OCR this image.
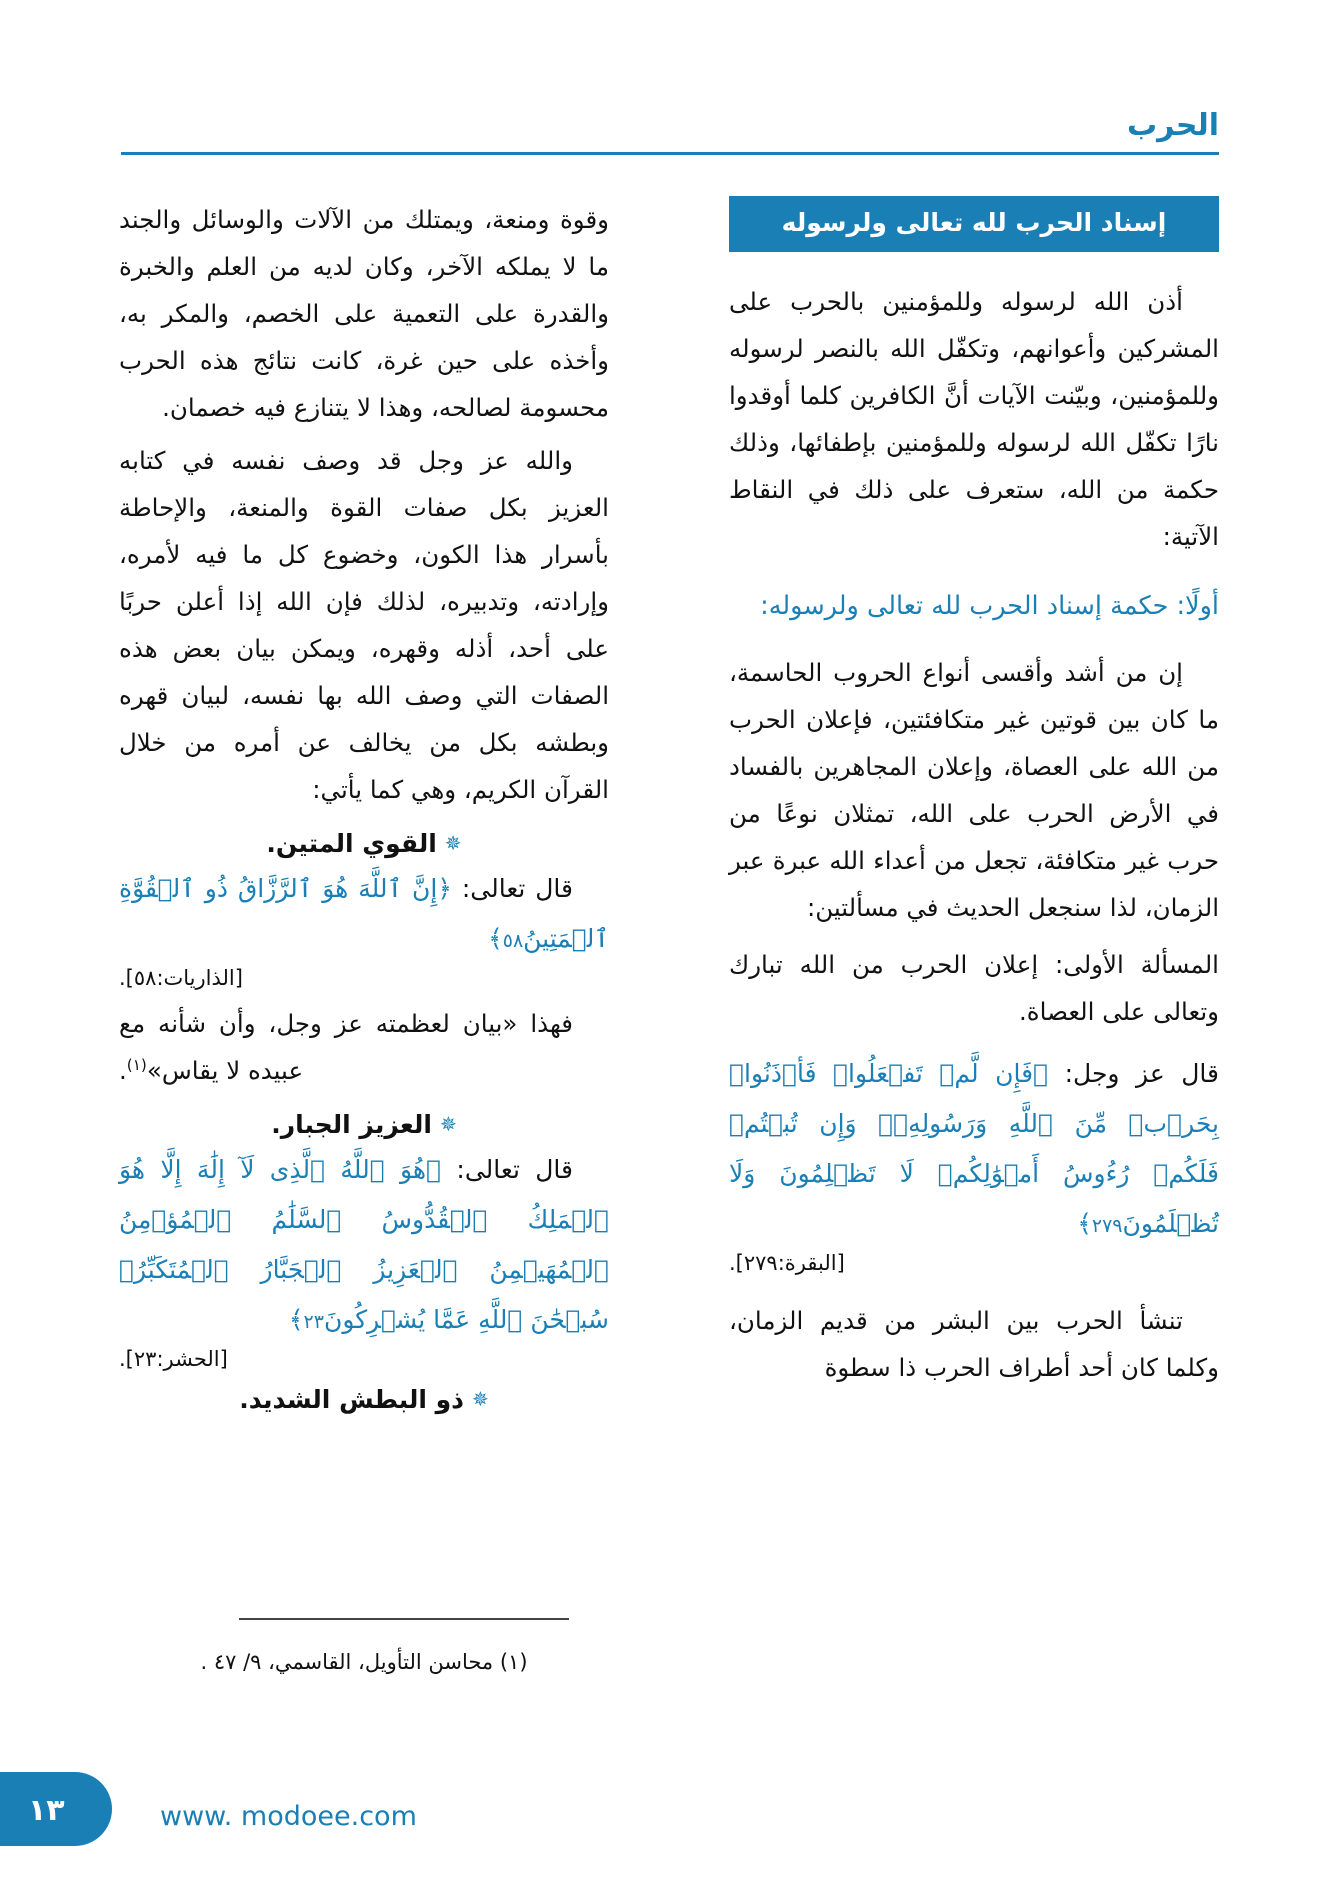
الحرب
إسناد الحرب لله تعالى ولرسوله

أذن الله لرسوله وللمؤمنين بالحرب على المشركين وأعوانهم، وتكفّل الله بالنصر لرسوله وللمؤمنين، وبيّنت الآيات أنَّ الكافرين كلما أوقدوا نارًا تكفّل الله لرسوله وللمؤمنين بإطفائها، وذلك حكمة من الله، ستعرف على ذلك في النقاط الآتية:

أولًا: حكمة إسناد الحرب لله تعالى ولرسوله:

إن من أشد وأقسى أنواع الحروب الحاسمة، ما كان بين قوتين غير متكافئتين، فإعلان الحرب من الله على العصاة، وإعلان المجاهرين بالفساد في الأرض الحرب على الله، تمثلان نوعًا من حرب غير متكافئة، تجعل من أعداء الله عبرة عبر الزمان، لذا سنجعل الحديث في مسألتين:

المسألة الأولى: إعلان الحرب من الله تبارك وتعالى على العصاة.

قال عز وجل: ﴿فَإِن لَّمۡ تَفۡعَلُوا۟ فَأۡذَنُوا۟ بِحَرۡبٖ مِّنَ ٱللَّهِ وَرَسُولِهِۦۖ وَإِن تُبۡتُمۡ فَلَكُمۡ رُءُوسُ أَمۡوَٰلِكُمۡ لَا تَظۡلِمُونَ وَلَا تُظۡلَمُونَ٢٧٩﴾

[البقرة:٢٧٩].

تنشأ الحرب بين البشر من قديم الزمان، وكلما كان أحد أطراف الحرب ذا سطوة

وقوة ومنعة، ويمتلك من الآلات والوسائل والجند ما لا يملكه الآخر، وكان لديه من العلم والخبرة والقدرة على التعمية على الخصم، والمكر به، وأخذه على حين غرة، كانت نتائج هذه الحرب محسومة لصالحه، وهذا لا يتنازع فيه خصمان.

والله عز وجل قد وصف نفسه في كتابه العزيز بكل صفات القوة والمنعة، والإحاطة بأسرار هذا الكون، وخضوع كل ما فيه لأمره، وإرادته، وتدبيره، لذلك فإن الله إذا أعلن حربًا على أحد، أذله وقهره، ويمكن بيان بعض هذه الصفات التي وصف الله بها نفسه، لبيان قهره وبطشه بكل من يخالف عن أمره من خلال القرآن الكريم، وهي كما يأتي:

✵القوي المتين.

قال تعالى: ﴿إِنَّ ٱللَّهَ هُوَ ٱلرَّزَّاقُ ذُو ٱلۡقُوَّةِ ٱلۡمَتِينُ٥٨﴾

[الذاريات:٥٨].

فهذا «بيان لعظمته عز وجل، وأن شأنه مع عبيده لا يقاس»$^{(١)}$.

✵العزيز الجبار.

قال تعالى: ﴿هُوَ ٱللَّهُ ٱلَّذِى لَآ إِلَٰهَ إِلَّا هُوَ ٱلۡمَلِكُ ٱلۡقُدُّوسُ ٱلسَّلَٰمُ ٱلۡمُؤۡمِنُ ٱلۡمُهَيۡمِنُ ٱلۡعَزِيزُ ٱلۡجَبَّارُ ٱلۡمُتَكَبِّرُۚ سُبۡحَٰنَ ٱللَّهِ عَمَّا يُشۡرِكُونَ٢٣﴾

[الحشر:٢٣].
✵ذو البطش الشديد.
(١) محاسن التأويل، القاسمي، ٩/ ٤٧ .
١٣	www. modoee.com
